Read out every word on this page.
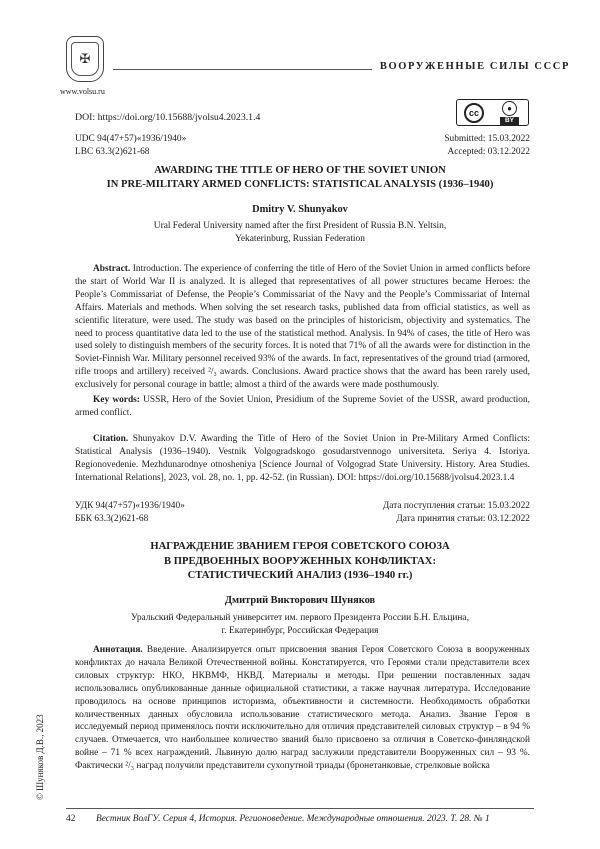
✠
www.volsu.ru
ВООРУЖЕННЫЕ СИЛЫ СССР
DOI: https://doi.org/10.15688/jvolsu4.2023.1.4	cc	●
BY
UDC 94(47+57)«1936/1940»
LBC 63.3(2)621-68
Submitted: 15.03.2022
Accepted: 03.12.2022
AWARDING THE TITLE OF HERO OF THE SOVIET UNION
IN PRE-MILITARY ARMED CONFLICTS: STATISTICAL ANALYSIS (1936–1940)
Dmitry V. Shunyakov
Ural Federal University named after the first President of Russia B.N. Yeltsin,
Yekaterinburg, Russian Federation

Abstract. Introduction. The experience of conferring the title of Hero of the Soviet Union in armed conflicts before the start of World War II is analyzed. It is alleged that representatives of all power structures became Heroes: the People’s Commissariat of Defense, the People’s Commissariat of the Navy and the People’s Commissariat of Internal Affairs. Materials and methods. When solving the set research tasks, published data from official statistics, as well as scientific literature, were used. The study was based on the principles of historicism, objectivity and systematics. The need to process quantitative data led to the use of the statistical method. Analysis. In 94% of cases, the title of Hero was used solely to distinguish members of the security forces. It is noted that 71% of all the awards were for distinction in the Soviet-Finnish War. Military personnel received 93% of the awards. In fact, representatives of the ground triad (armored, rifle troops and artillery) received ²/₃ awards. Conclusions. Award practice shows that the award has been rarely used, exclusively for personal courage in battle; almost a third of the awards were made posthumously.

Key words: USSR, Hero of the Soviet Union, Presidium of the Supreme Soviet of the USSR, award production, armed conflict.

Citation. Shunyakov D.V. Awarding the Title of Hero of the Soviet Union in Pre-Military Armed Conflicts: Statistical Analysis (1936–1940). Vestnik Volgogradskogo gosudarstvennogo universiteta. Seriya 4. Istoriya. Regionovedenie. Mezhdunarodnye otnosheniya [Science Journal of Volgograd State University. History. Area Studies. International Relations], 2023, vol. 28, no. 1, pp. 42-52. (in Russian). DOI: https://doi.org/10.15688/jvolsu4.2023.1.4

УДК 94(47+57)«1936/1940»
ББК 63.3(2)621-68
Дата поступления статьи: 15.03.2022
Дата принятия статьи: 03.12.2022
НАГРАЖДЕНИЕ ЗВАНИЕМ ГЕРОЯ СОВЕТСКОГО СОЮЗА
В ПРЕДВОЕННЫХ ВООРУЖЕННЫХ КОНФЛИКТАХ:
СТАТИСТИЧЕСКИЙ АНАЛИЗ (1936–1940 гг.)
Дмитрий Викторович Шуняков
Уральский Федеральный университет им. первого Президента России Б.Н. Ельцина,
г. Екатеринбург, Российская Федерация

Аннотация. Введение. Анализируется опыт присвоения звания Героя Советского Союза в вооруженных конфликтах до начала Великой Отечественной войны. Констатируется, что Героями стали представители всех силовых структур: НКО, НКВМФ, НКВД. Материалы и методы. При решении поставленных задач использовались опубликованные данные официальной статистики, а также научная литература. Исследование проводилось на основе принципов историзма, объективности и системности. Необходимость обработки количественных данных обусловила использование статистического метода. Анализ. Звание Героя в исследуемый период применялось почти исключительно для отличия представителей силовых структур – в 94 % случаев. Отмечается, что наибольшее количество званий было присвоено за отличия в Советско-финляндской войне – 71 % всех награждений. Львиную долю наград заслужили представители Вооруженных сил – 93 %. Фактически ²/₃ наград получили представители сухопутной триады (бронетанковые, стрелковые войска

© Шуняков Д.В., 2023
42 Вестник ВолГУ. Серия 4, История. Регионоведение. Международные отношения. 2023. Т. 28. № 1
